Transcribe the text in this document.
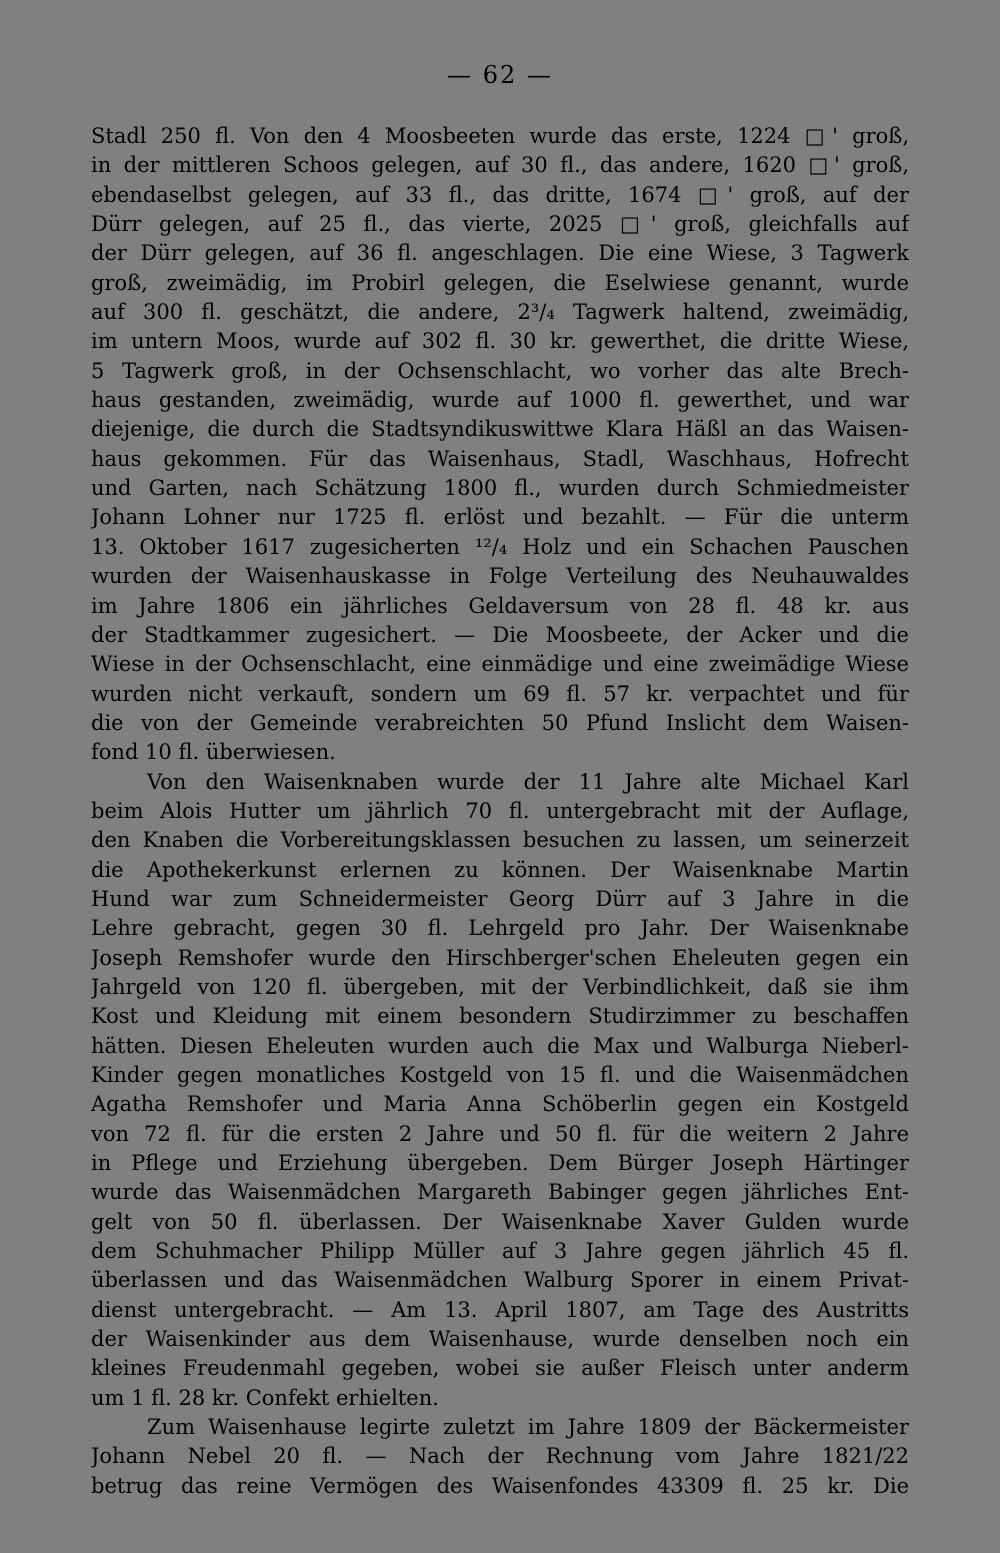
— 62 —
Stadl 250 fl. Von den 4 Moosbeeten wurde das erste, 1224 □' groß,
in der mittleren Schoos gelegen, auf 30 fl., das andere, 1620 □' groß,
ebendaselbst gelegen, auf 33 fl., das dritte, 1674 □' groß, auf der
Dürr gelegen, auf 25 fl., das vierte, 2025 □' groß, gleichfalls auf
der Dürr gelegen, auf 36 fl. angeschlagen. Die eine Wiese, 3 Tagwerk
groß, zweimädig, im Probirl gelegen, die Eselwiese genannt, wurde
auf 300 fl. geschätzt, die andere, 2³/₄ Tagwerk haltend, zweimädig,
im untern Moos, wurde auf 302 fl. 30 kr. gewerthet, die dritte Wiese,
5 Tagwerk groß, in der Ochsenschlacht, wo vorher das alte Brech-
haus gestanden, zweimädig, wurde auf 1000 fl. gewerthet, und war
diejenige, die durch die Stadtsyndikuswittwe Klara Häßl an das Waisen-
haus gekommen. Für das Waisenhaus, Stadl, Waschhaus, Hofrecht
und Garten, nach Schätzung 1800 fl., wurden durch Schmiedmeister
Johann Lohner nur 1725 fl. erlöst und bezahlt. — Für die unterm
13. Oktober 1617 zugesicherten ¹²/₄ Holz und ein Schachen Pauschen
wurden der Waisenhauskasse in Folge Verteilung des Neuhauwaldes
im Jahre 1806 ein jährliches Geldaversum von 28 fl. 48 kr. aus
der Stadtkammer zugesichert. — Die Moosbeete, der Acker und die
Wiese in der Ochsenschlacht, eine einmädige und eine zweimädige Wiese
wurden nicht verkauft, sondern um 69 fl. 57 kr. verpachtet und für
die von der Gemeinde verabreichten 50 Pfund Inslicht dem Waisen-
fond 10 fl. überwiesen.
Von den Waisenknaben wurde der 11 Jahre alte Michael Karl
beim Alois Hutter um jährlich 70 fl. untergebracht mit der Auflage,
den Knaben die Vorbereitungsklassen besuchen zu lassen, um seinerzeit
die Apothekerkunst erlernen zu können. Der Waisenknabe Martin
Hund war zum Schneidermeister Georg Dürr auf 3 Jahre in die
Lehre gebracht, gegen 30 fl. Lehrgeld pro Jahr. Der Waisenknabe
Joseph Remshofer wurde den Hirschberger'schen Eheleuten gegen ein
Jahrgeld von 120 fl. übergeben, mit der Verbindlichkeit, daß sie ihm
Kost und Kleidung mit einem besondern Studirzimmer zu beschaffen
hätten. Diesen Eheleuten wurden auch die Max und Walburga Nieberl-
Kinder gegen monatliches Kostgeld von 15 fl. und die Waisenmädchen
Agatha Remshofer und Maria Anna Schöberlin gegen ein Kostgeld
von 72 fl. für die ersten 2 Jahre und 50 fl. für die weitern 2 Jahre
in Pflege und Erziehung übergeben. Dem Bürger Joseph Härtinger
wurde das Waisenmädchen Margareth Babinger gegen jährliches Ent-
gelt von 50 fl. überlassen. Der Waisenknabe Xaver Gulden wurde
dem Schuhmacher Philipp Müller auf 3 Jahre gegen jährlich 45 fl.
überlassen und das Waisenmädchen Walburg Sporer in einem Privat-
dienst untergebracht. — Am 13. April 1807, am Tage des Austritts
der Waisenkinder aus dem Waisenhause, wurde denselben noch ein
kleines Freudenmahl gegeben, wobei sie außer Fleisch unter anderm
um 1 fl. 28 kr. Confekt erhielten.
Zum Waisenhause legirte zuletzt im Jahre 1809 der Bäckermeister
Johann Nebel 20 fl. — Nach der Rechnung vom Jahre 1821/22
betrug das reine Vermögen des Waisenfondes 43309 fl. 25 kr. Die
